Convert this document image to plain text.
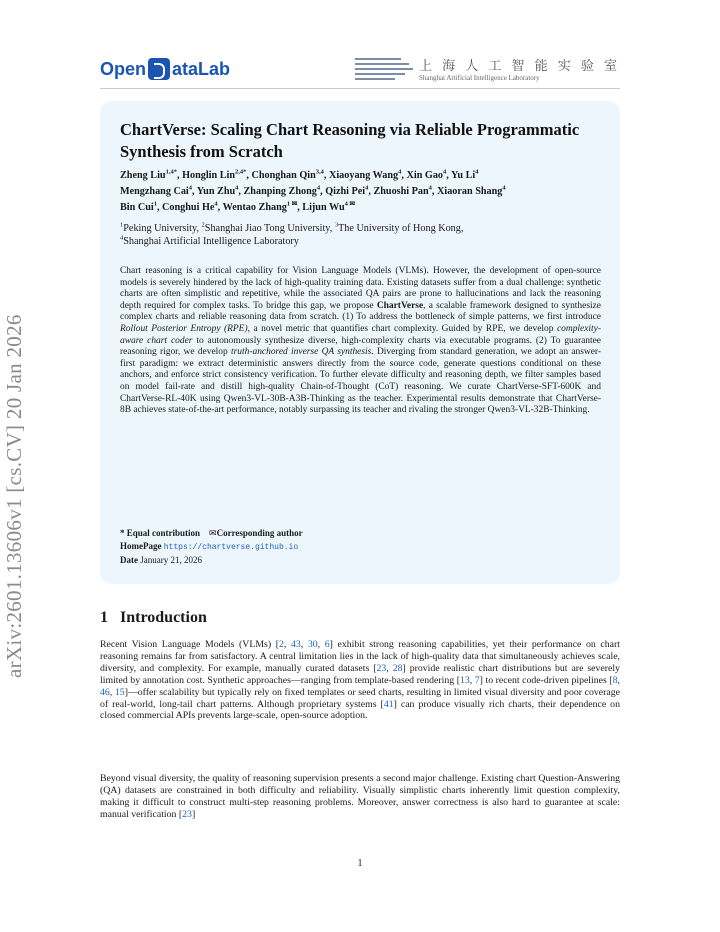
arXiv:2601.13606v1 [cs.CV] 20 Jan 2026
Open ataLab	上 海 人 工 智 能 实 验 室
Shanghai Artificial Intelligence Laboratory
ChartVerse: Scaling Chart Reasoning via Reliable Programmatic Synthesis from Scratch
Zheng Liu$^{1,4*}$, Honglin Lin$^{2,4*}$, Chonghan Qin$^{3,4}$, Xiaoyang Wang$^4$, Xin Gao$^4$, Yu Li$^4$
Mengzhang Cai$^4$, Yun Zhu$^4$, Zhanping Zhong$^4$, Qizhi Pei$^4$, Zhuoshi Pan$^4$, Xiaoran Shang$^4$
Bin Cui$^1$, Conghui He$^4$, Wentao Zhang$^{1 ✉}$, Lijun $Wu^{4 ✉}$
$^1$Peking University, $^2$Shanghai Jiao Tong University, $^3$The University of Hong Kong,
$^4$Shanghai Artificial Intelligence Laboratory
Chart reasoning is a critical capability for Vision Language Models (VLMs). However, the development of open-source models is severely hindered by the lack of high-quality training data. Existing datasets suffer from a dual challenge: synthetic charts are often simplistic and repetitive, while the associated QA pairs are prone to hallucinations and lack the reasoning depth required for complex tasks. To bridge this gap, we propose ChartVerse, a scalable framework designed to synthesize complex charts and reliable reasoning data from scratch. (1) To address the bottleneck of simple patterns, we first introduce Rollout Posterior Entropy (RPE), a novel metric that quantifies chart complexity. Guided by RPE, we develop complexity-aware chart coder to autonomously synthesize diverse, high-complexity charts via executable programs. (2) To guarantee reasoning rigor, we develop truth-anchored inverse QA synthesis. Diverging from standard generation, we adopt an answer-first paradigm: we extract deterministic answers directly from the source code, generate questions conditional on these anchors, and enforce strict consistency verification. To further elevate difficulty and reasoning depth, we filter samples based on model fail-rate and distill high-quality Chain-of-Thought (CoT) reasoning. We curate ChartVerse-SFT-600K and ChartVerse-RL-40K using Qwen3-VL-30B-A3B-Thinking as the teacher. Experimental results demonstrate that ChartVerse-8B achieves state-of-the-art performance, notably surpassing its teacher and rivaling the stronger Qwen3-VL-32B-Thinking.
* Equal contribution ✉Corresponding author
HomePage https://chartverse.github.io
Date January 21, 2026
1 Introduction
Recent Vision Language Models (VLMs) [2, 43, 30, 6] exhibit strong reasoning capabilities, yet their performance on chart reasoning remains far from satisfactory. A central limitation lies in the lack of high-quality data that simultaneously achieves scale, diversity, and complexity. For example, manually curated datasets [23, 28] provide realistic chart distributions but are severely limited by annotation cost. Synthetic approaches—ranging from template-based rendering [13, 7] to recent code-driven pipelines [8, 46, 15]—offer scalability but typically rely on fixed templates or seed charts, resulting in limited visual diversity and poor coverage of real-world, long-tail chart patterns. Although proprietary systems [41] can produce visually rich charts, their dependence on closed commercial APIs prevents large-scale, open-source adoption.
Beyond visual diversity, the quality of reasoning supervision presents a second major challenge. Existing chart Question-Answering (QA) datasets are constrained in both difficulty and reliability. Visually simplistic charts inherently limit question complexity, making it difficult to construct multi-step reasoning problems. Moreover, answer correctness is also hard to guarantee at scale: manual verification [23]
1
